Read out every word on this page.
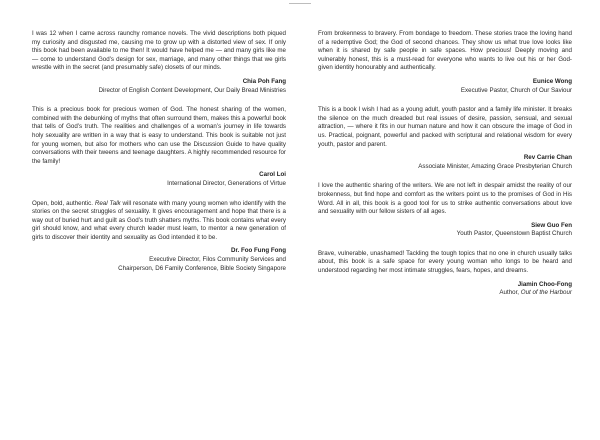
I was 12 when I came across raunchy romance novels. The vivid descriptions both piqued my curiosity and disgusted me, causing me to grow up with a distorted view of sex. If only this book had been available to me then! It would have helped me — and many girls like me — come to understand God’s design for sex, marriage, and many other things that we girls wrestle with in the secret (and presumably safe) closets of our minds.

Chia Poh Fang

Director of English Content Development, Our Daily Bread Ministries

This is a precious book for precious women of God. The honest sharing of the women, combined with the debunking of myths that often surround them, makes this a powerful book that tells of God’s truth. The realities and challenges of a woman’s journey in life towards holy sexuality are written in a way that is easy to understand. This book is suitable not just for young women, but also for mothers who can use the Discussion Guide to have quality conversations with their tweens and teenage daughters. A highly recommended resource for the family!

Carol Loi

International Director, Generations of Virtue

Open, bold, authentic. Real Talk will resonate with many young women who identify with the stories on the secret struggles of sexuality. It gives encouragement and hope that there is a way out of buried hurt and guilt as God’s truth shatters myths. This book contains what every girl should know, and what every church leader must learn, to mentor a new generation of girls to discover their identity and sexuality as God intended it to be.

Dr. Foo Fung Fong

Executive Director, Filos Community Services and

Chairperson, D6 Family Conference, Bible Society Singapore

From brokenness to bravery. From bondage to freedom. These stories trace the loving hand of a redemptive God; the God of second chances. They show us what true love looks like when it is shared by safe people in safe spaces. How precious! Deeply moving and vulnerably honest, this is a must-read for everyone who wants to live out his or her God-given identity honourably and authentically.

Eunice Wong

Executive Pastor, Church of Our Saviour

This is a book I wish I had as a young adult, youth pastor and a family life minister. It breaks the silence on the much dreaded but real issues of desire, passion, sensual, and sexual attraction, — where it fits in our human nature and how it can obscure the image of God in us. Practical, poignant, powerful and packed with scriptural and relational wisdom for every youth, pastor and parent.

Rev Carrie Chan

Associate Minister, Amazing Grace Presbyterian Church

I love the authentic sharing of the writers. We are not left in despair amidst the reality of our brokenness, but find hope and comfort as the writers point us to the promises of God in His Word. All in all, this book is a good tool for us to strike authentic conversations about love and sexuality with our fellow sisters of all ages.

Siew Guo Fen

Youth Pastor, Queenstown Baptist Church

Brave, vulnerable, unashamed! Tackling the tough topics that no one in church usually talks about, this book is a safe space for every young woman who longs to be heard and understood regarding her most intimate struggles, fears, hopes, and dreams.

Jiamin Choo-Fong

Author, Out of the Harbour
